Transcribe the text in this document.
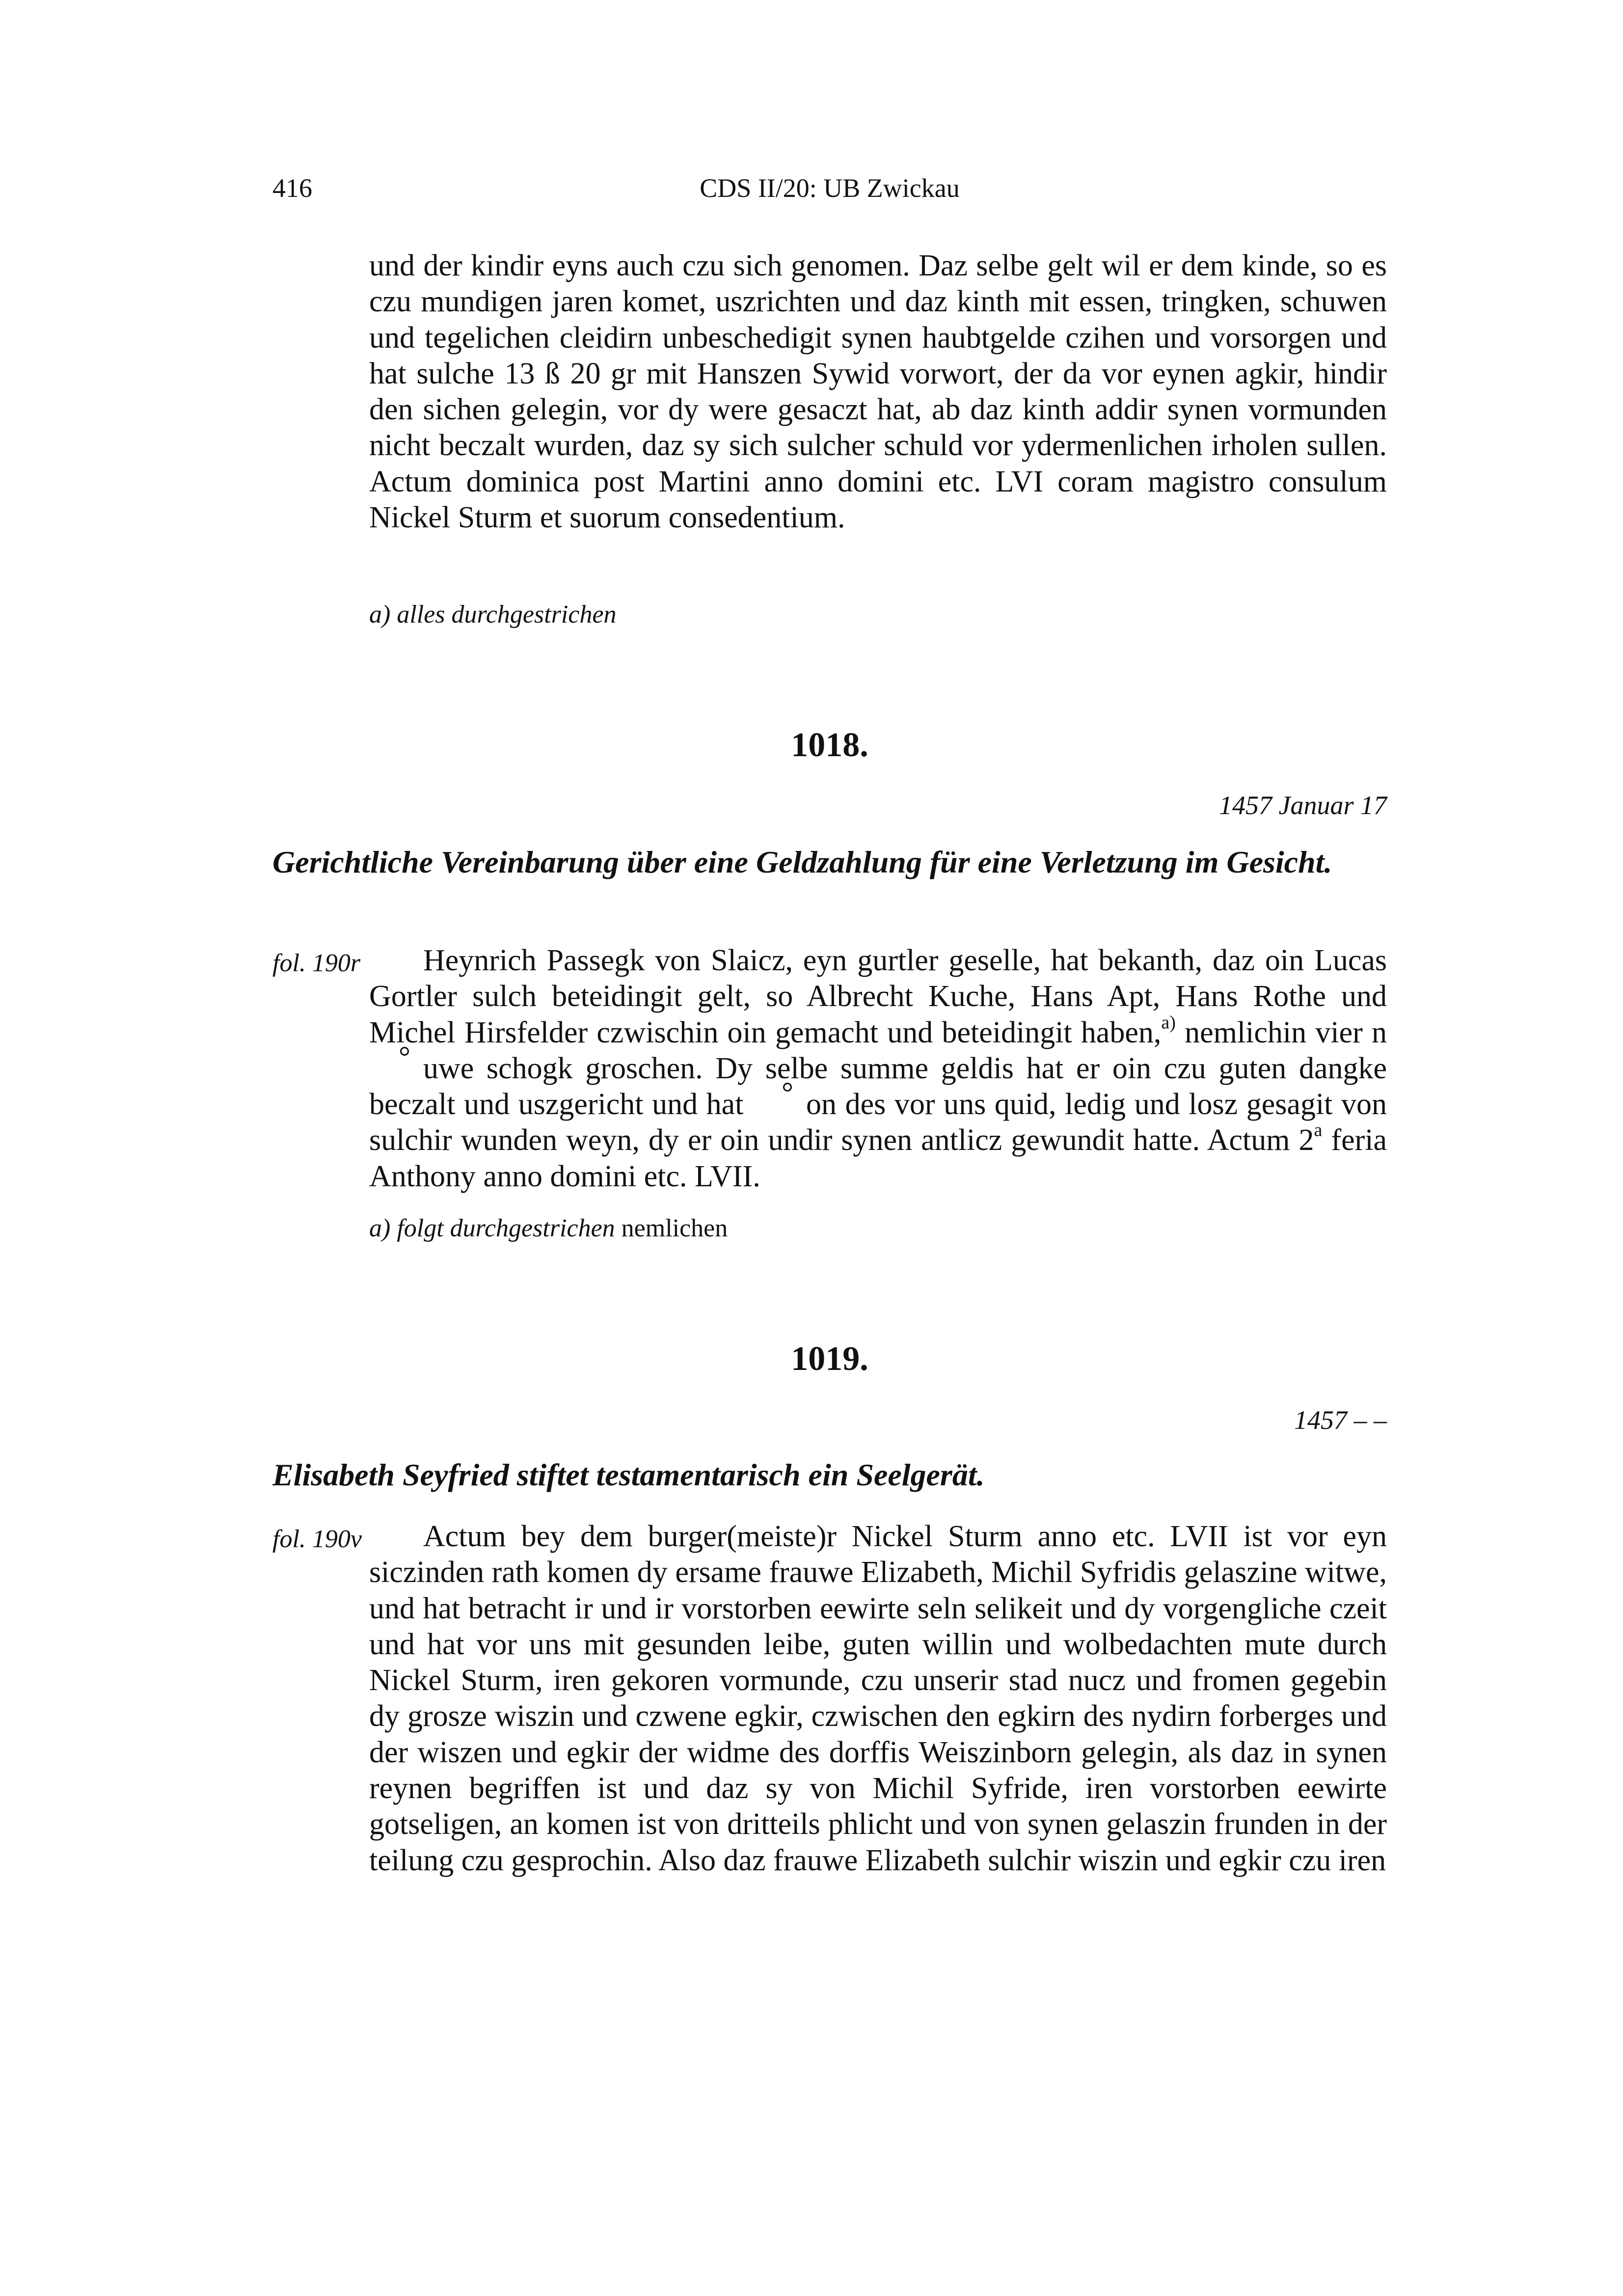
416	CDS II/20: UB Zwickau

und der kindir eyns auch czu sich genomen. Daz selbe gelt wil er dem kinde, so es czu mundigen jaren komet, uszrichten und daz kinth mit essen, tringken, schuwen und tegelichen cleidirn unbeschedigit synen haubtgelde czihen und vorsorgen und hat sulche 13 ß 20 gr mit Hanszen Sywid vorwort, der da vor eynen agkir, hindir den sichen gelegin, vor dy were gesaczt hat, ab daz kinth addir synen vormunden nicht beczalt wurden, daz sy sich sulcher schuld vor ydermenlichen irholen sullen. Actum dominica post Martini anno domini etc. LVI coram magistro consulum Nickel Sturm et suorum consedentium.

a) alles durchgestrichen
1018.
1457 Januar 17
Gerichtliche Vereinbarung über eine Geldzahlung für eine Verletzung im Gesicht.
fol. 190r	Heynrich Passegk von Slaicz, eyn gurtler geselle, hat bekanth, daz oin Lucas Gortler sulch beteidingit gelt, so Albrecht Kuche, Hans Apt, Hans Rothe und Michel Hirsfelder czwischin oin gemacht und beteidingit haben,$^{a)}$ nemlichin vier nuwe schogk groschen. Dy selbe summe geldis hat er oin czu guten dangke beczalt und uszgericht und hat on des vor uns quid, ledig und losz gesagit von sulchir wunden weyn, dy er oin undir synen antlicz gewundit hatte. Actum 2$^a$ feria Anthony anno domini etc. LVII.

a) folgt durchgestrichen nemlichen
1019.
1457 – –
Elisabeth Seyfried stiftet testamentarisch ein Seelgerät.
fol. 190v	Actum bey dem burger(meiste)r Nickel Sturm anno etc. LVII ist vor eyn siczinden rath komen dy ersame frauwe Elizabeth, Michil Syfridis gelaszine witwe, und hat betracht ir und ir vorstorben eewirte seln selikeit und dy vorgengliche czeit und hat vor uns mit gesunden leibe, guten willin und wolbedachten mute durch Nickel Sturm, iren gekoren vormunde, czu unserir stad nucz und fromen gegebin dy grosze wiszin und czwene egkir, czwischen den egkirn des nydirn forberges und der wiszen und egkir der widme des dorffis Weiszinborn gelegin, als daz in synen reynen begriffen ist und daz sy von Michil Syfride, iren vorstorben eewirte gotseligen, an komen ist von dritteils phlicht und von synen gelaszin frunden in der teilung czu gesprochin. Also daz frauwe Elizabeth sulchir wiszin und egkir czu iren
